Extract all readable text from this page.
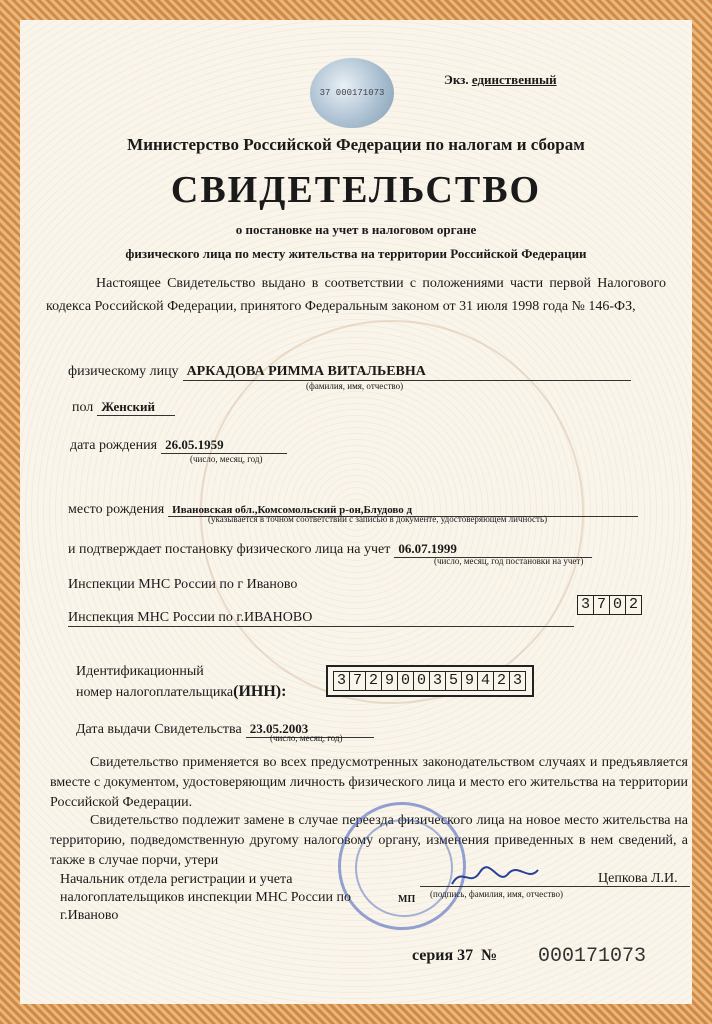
37 000171073
Экз. единственный
Министерство Российской Федерации по налогам и сборам
СВИДЕТЕЛЬСТВО
о постановке на учет в налоговом органе
физического лица по месту жительства на территории Российской Федерации
Настоящее Свидетельство выдано в соответствии с положениями части первой Налогового кодекса Российской Федерации, принятого Федеральным законом от 31 июля 1998 года № 146-ФЗ,
физическому лицу АРКАДОВА РИММА ВИТАЛЬЕВНА
(фамилия, имя, отчество)
пол Женский
дата рождения 26.05.1959
(число, месяц, год)
место рождения Ивановская обл.,Комсомольский р-он,Блудово д
(указывается в точном соответствии с записью в документе, удостоверяющем личность)
и подтверждает постановку физического лица на учет 06.07.1999
(число, месяц, год постановки на учет)
Инспекции МНС России по г Иваново
Инспекция МНС России по г.ИВАНОВО
3 7 0 2
Идентификационный
номер налогоплательщика(ИНН):
3 7 2 9 0 0 3 5 9 4 2 3
Дата выдачи Свидетельства 23.05.2003
(число, месяц, год)
Свидетельство применяется во всех предусмотренных законодательством случаях и предъявляется вместе с документом, удостоверяющим личность физического лица и место его жительства на территории Российской Федерации.
Свидетельство подлежит замене в случае переезда физического лица на новое место жительства на территорию, подведомственную другому налоговому органу, изменения приведенных в нем сведений, а также в случае порчи, утери
Начальник отдела регистрации и учета
налогоплательщиков инспекции МНС России по
г.Иваново
МП (подпись, фамилия, имя, отчество)
Цепкова Л.И.
серия 37 № 000171073
